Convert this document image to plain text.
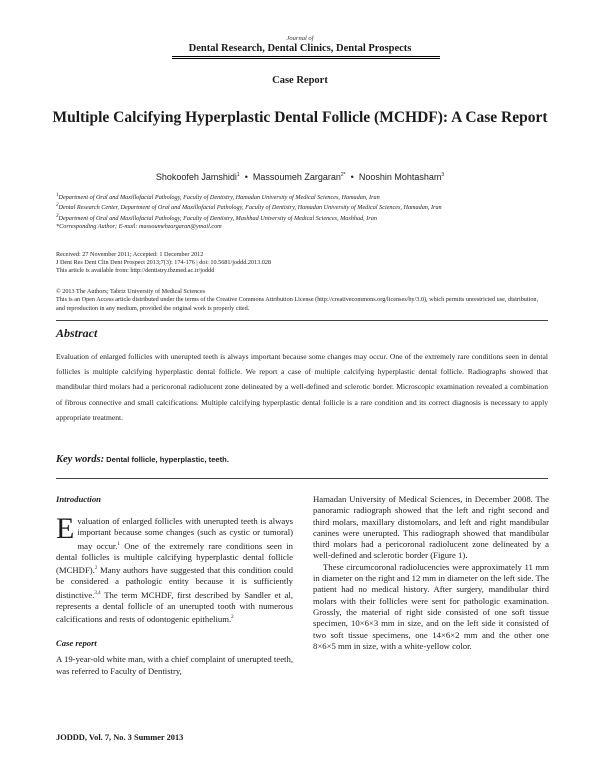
Journal of
Dental Research, Dental Clinics, Dental Prospects
Case Report
Multiple Calcifying Hyperplastic Dental Follicle (MCHDF): A Case Report
Shokoofeh Jamshidi$^1$ • Massoumeh Zargaran$^{2*}$ • Nooshin Mohtasham$^3$

$^1$Department of Oral and Maxillofacial Pathology, Faculty of Dentistry, Hamadan University of Medical Sciences, Hamadan, Iran

$^2$Dental Research Center, Department of Oral and Maxillofacial Pathology, Faculty of Dentistry, Hamadan University of Medical Sciences, Hamadan, Iran

$^3$Department of Oral and Maxillofacial Pathology, Faculty of Dentistry, Mashhad University of Medical Sciences, Mashhad, Iran

*Corresponding Author; E-mail: massoumehzargaran@ymail.com

Received: 27 November 2011; Accepted: 1 December 2012

J Dent Res Dent Clin Dent Prospect 2013;7(3): 174-176 | doi: 10.5681/joddd.2013.028

This article is available from: http://dentistry.tbzmed.ac.ir/joddd

© 2013 The Authors; Tabriz University of Medical Sciences

This is an Open Access article distributed under the terms of the Creative Commons Attribution License (http://creativecommons.org/licenses/by/3.0), which permits unrestricted use, distribution, and reproduction in any medium, provided the original work is properly cited.

Abstract
Evaluation of enlarged follicles with unerupted teeth is always important because some changes may occur. One of the extremely rare conditions seen in dental follicles is multiple calcifying hyperplastic dental follicle. We report a case of multiple calcifying hyperplastic dental follicle. Radiographs showed that mandibular third molars had a pericoronal radiolucent zone delineated by a well-defined and sclerotic border. Microscopic examination revealed a combination of fibrous connective and small calcifications. Multiple calcifying hyperplastic dental follicle is a rare condition and its correct diagnosis is necessary to apply appropriate treatment.
Key words: Dental follicle, hyperplastic, teeth.

Introduction

Evaluation of enlarged follicles with unerupted teeth is always important because some changes (such as cystic or tumoral) may occur.$^1$ One of the extremely rare conditions seen in dental follicles is multiple calcifying hyperplastic dental follicle (MCHDF).$^2$ Many authors have suggested that this condition could be considered a pathologic entity because it is sufficiently distinctive.$^{3,4}$ The term MCHDF, first described by Sandler et al, represents a dental follicle of an unerupted tooth with numerous calcifications and rests of odontogenic epithelium.$^2$

Case report

A 19-year-old white man, with a chief complaint of unerupted teeth, was referred to Faculty of Dentistry,

Hamadan University of Medical Sciences, in December 2008. The panoramic radiograph showed that the left and right second and third molars, maxillary distomolars, and left and right mandibular canines were unerupted. This radiograph showed that mandibular third molars had a pericoronal radiolucent zone delineated by a well-defined and sclerotic border (Figure 1).

These circumcoronal radiolucencies were approximately 11 mm in diameter on the right and 12 mm in diameter on the left side. The patient had no medical history. After surgery, mandibular third molars with their follicles were sent for pathologic examination. Grossly, the material of right side consisted of one soft tissue specimen, 10×6×3 mm in size, and on the left side it consisted of two soft tissue specimens, one 14×6×2 mm and the other one 8×6×5 mm in size, with a white-yellow color.

JODDD, Vol. 7, No. 3 Summer 2013
